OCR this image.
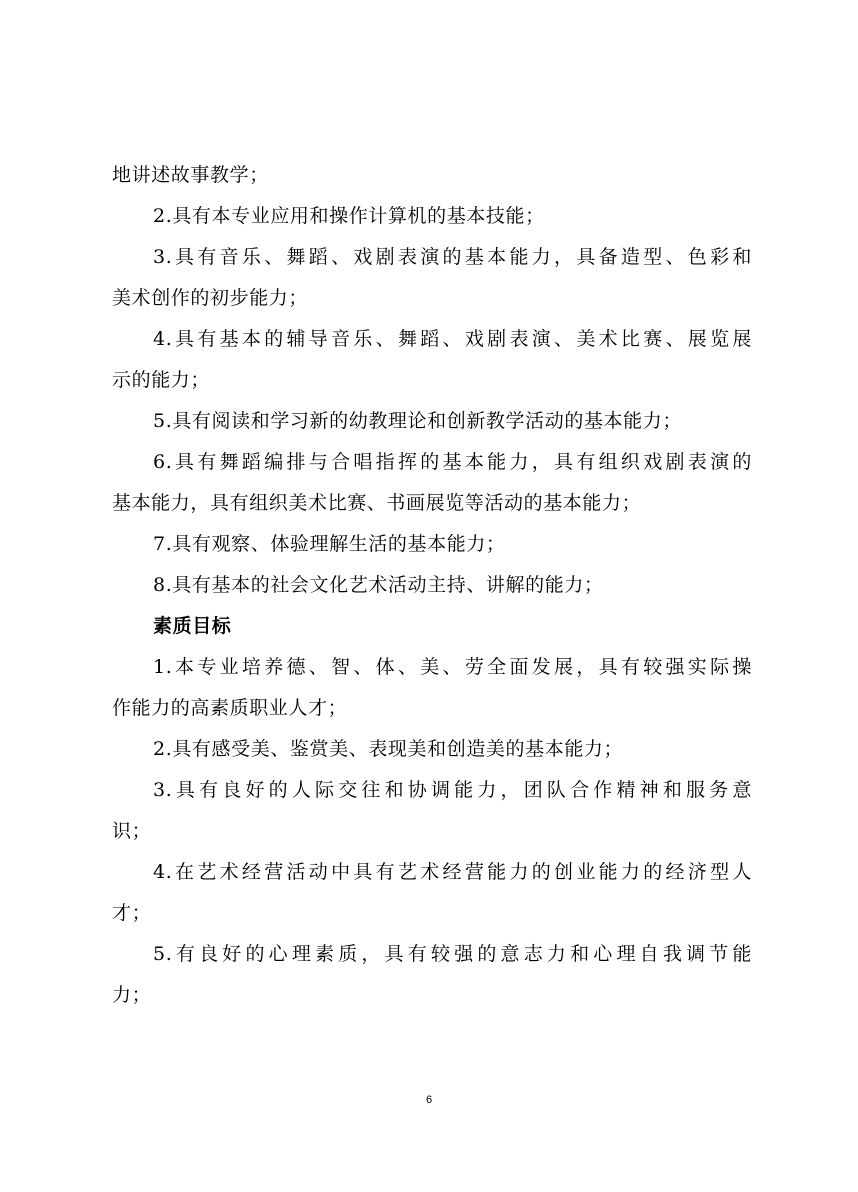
地讲述故事教学；
2.具有本专业应用和操作计算机的基本技能；
3.具有音乐、舞蹈、戏剧表演的基本能力，具备造型、色彩和
美术创作的初步能力；
4.具有基本的辅导音乐、舞蹈、戏剧表演、美术比赛、展览展
示的能力；
5.具有阅读和学习新的幼教理论和创新教学活动的基本能力；
6.具有舞蹈编排与合唱指挥的基本能力，具有组织戏剧表演的
基本能力，具有组织美术比赛、书画展览等活动的基本能力；
7.具有观察、体验理解生活的基本能力；
8.具有基本的社会文化艺术活动主持、讲解的能力；
素质目标
1.本专业培养德、智、体、美、劳全面发展，具有较强实际操
作能力的高素质职业人才；
2.具有感受美、鉴赏美、表现美和创造美的基本能力；
3.具有良好的人际交往和协调能力，团队合作精神和服务意
识；
4.在艺术经营活动中具有艺术经营能力的创业能力的经济型人
才；
5.有良好的心理素质，具有较强的意志力和心理自我调节能
力；
6
